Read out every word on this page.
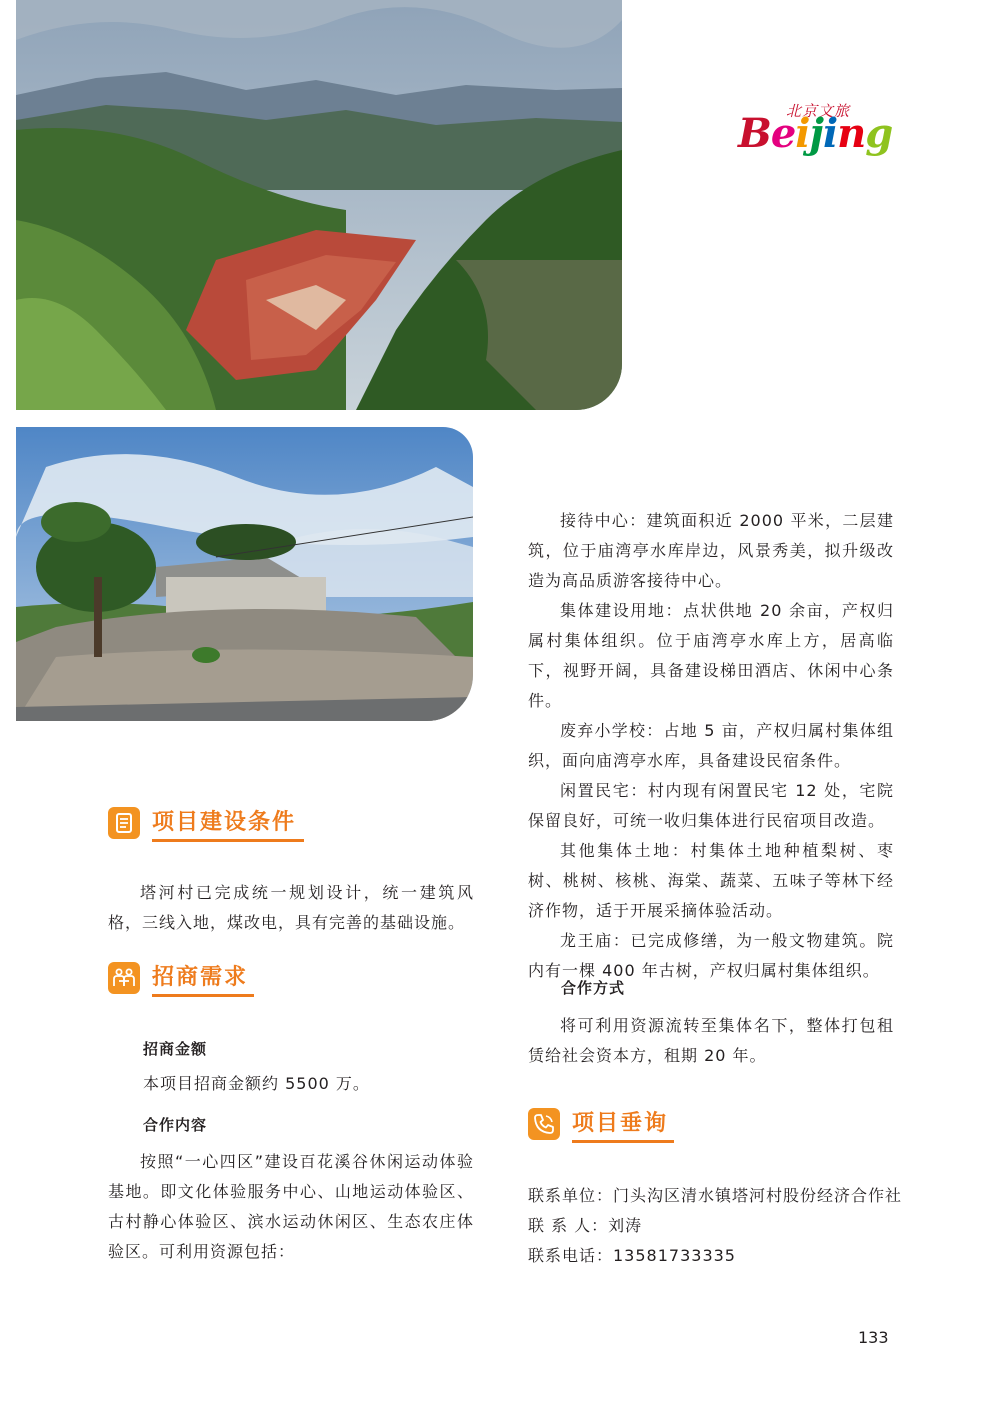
北京文旅
Beijing
项目建设条件
塔河村已完成统一规划设计，统一建筑风格，三线入地，煤改电，具有完善的基础设施。
招商需求
招商金额
本项目招商金额约 5500 万。
合作内容
按照“一心四区”建设百花溪谷休闲运动体验基地。即文化体验服务中心、山地运动体验区、古村静心体验区、滨水运动休闲区、生态农庄体验区。可利用资源包括：
接待中心：建筑面积近 2000 平米，二层建筑，位于庙湾亭水库岸边，风景秀美，拟升级改造为高品质游客接待中心。
集体建设用地：点状供地 20 余亩，产权归属村集体组织。位于庙湾亭水库上方，居高临下，视野开阔，具备建设梯田酒店、休闲中心条件。
废弃小学校：占地 5 亩，产权归属村集体组织，面向庙湾亭水库，具备建设民宿条件。
闲置民宅：村内现有闲置民宅 12 处，宅院保留良好，可统一收归集体进行民宿项目改造。
其他集体土地：村集体土地种植梨树、枣树、桃树、核桃、海棠、蔬菜、五味子等林下经济作物，适于开展采摘体验活动。
龙王庙：已完成修缮，为一般文物建筑。院内有一棵 400 年古树，产权归属村集体组织。
合作方式
将可利用资源流转至集体名下，整体打包租赁给社会资本方，租期 20 年。
项目垂询
联系单位：门头沟区清水镇塔河村股份经济合作社
联 系 人：刘涛
联系电话：13581733335
133
